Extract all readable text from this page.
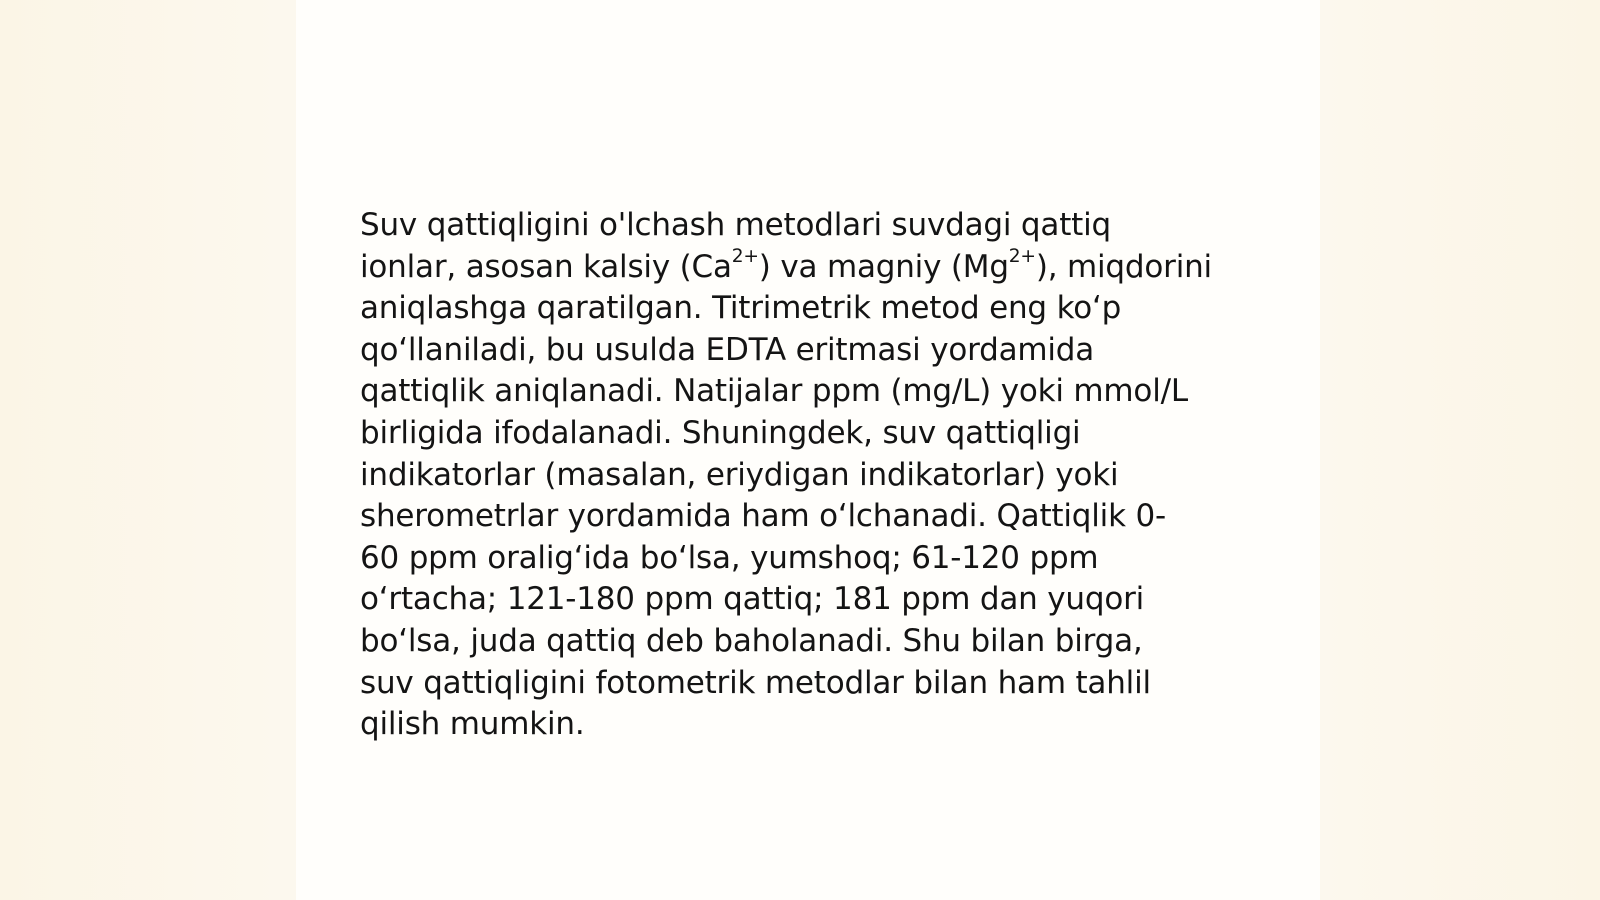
Suv qattiqligini o'lchash metodlari suvdagi qattiq
ionlar, asosan kalsiy $(Ca^{2+})$ va magniy $(Mg^{2+})$, miqdorini
aniqlashga qaratilgan. Titrimetrik metod eng ko‘p
qo‘llaniladi, bu usulda EDTA eritmasi yordamida
qattiqlik aniqlanadi. Natijalar ppm (mg/L) yoki mmol/L
birligida ifodalanadi. Shuningdek, suv qattiqligi
indikatorlar (masalan, eriydigan indikatorlar) yoki
sherometrlar yordamida ham o‘lchanadi. Qattiqlik 0-
60 ppm oralig‘ida bo‘lsa, yumshoq; 61-120 ppm
o‘rtacha; 121-180 ppm qattiq; 181 ppm dan yuqori
bo‘lsa, juda qattiq deb baholanadi. Shu bilan birga,
suv qattiqligini fotometrik metodlar bilan ham tahlil
qilish mumkin.
